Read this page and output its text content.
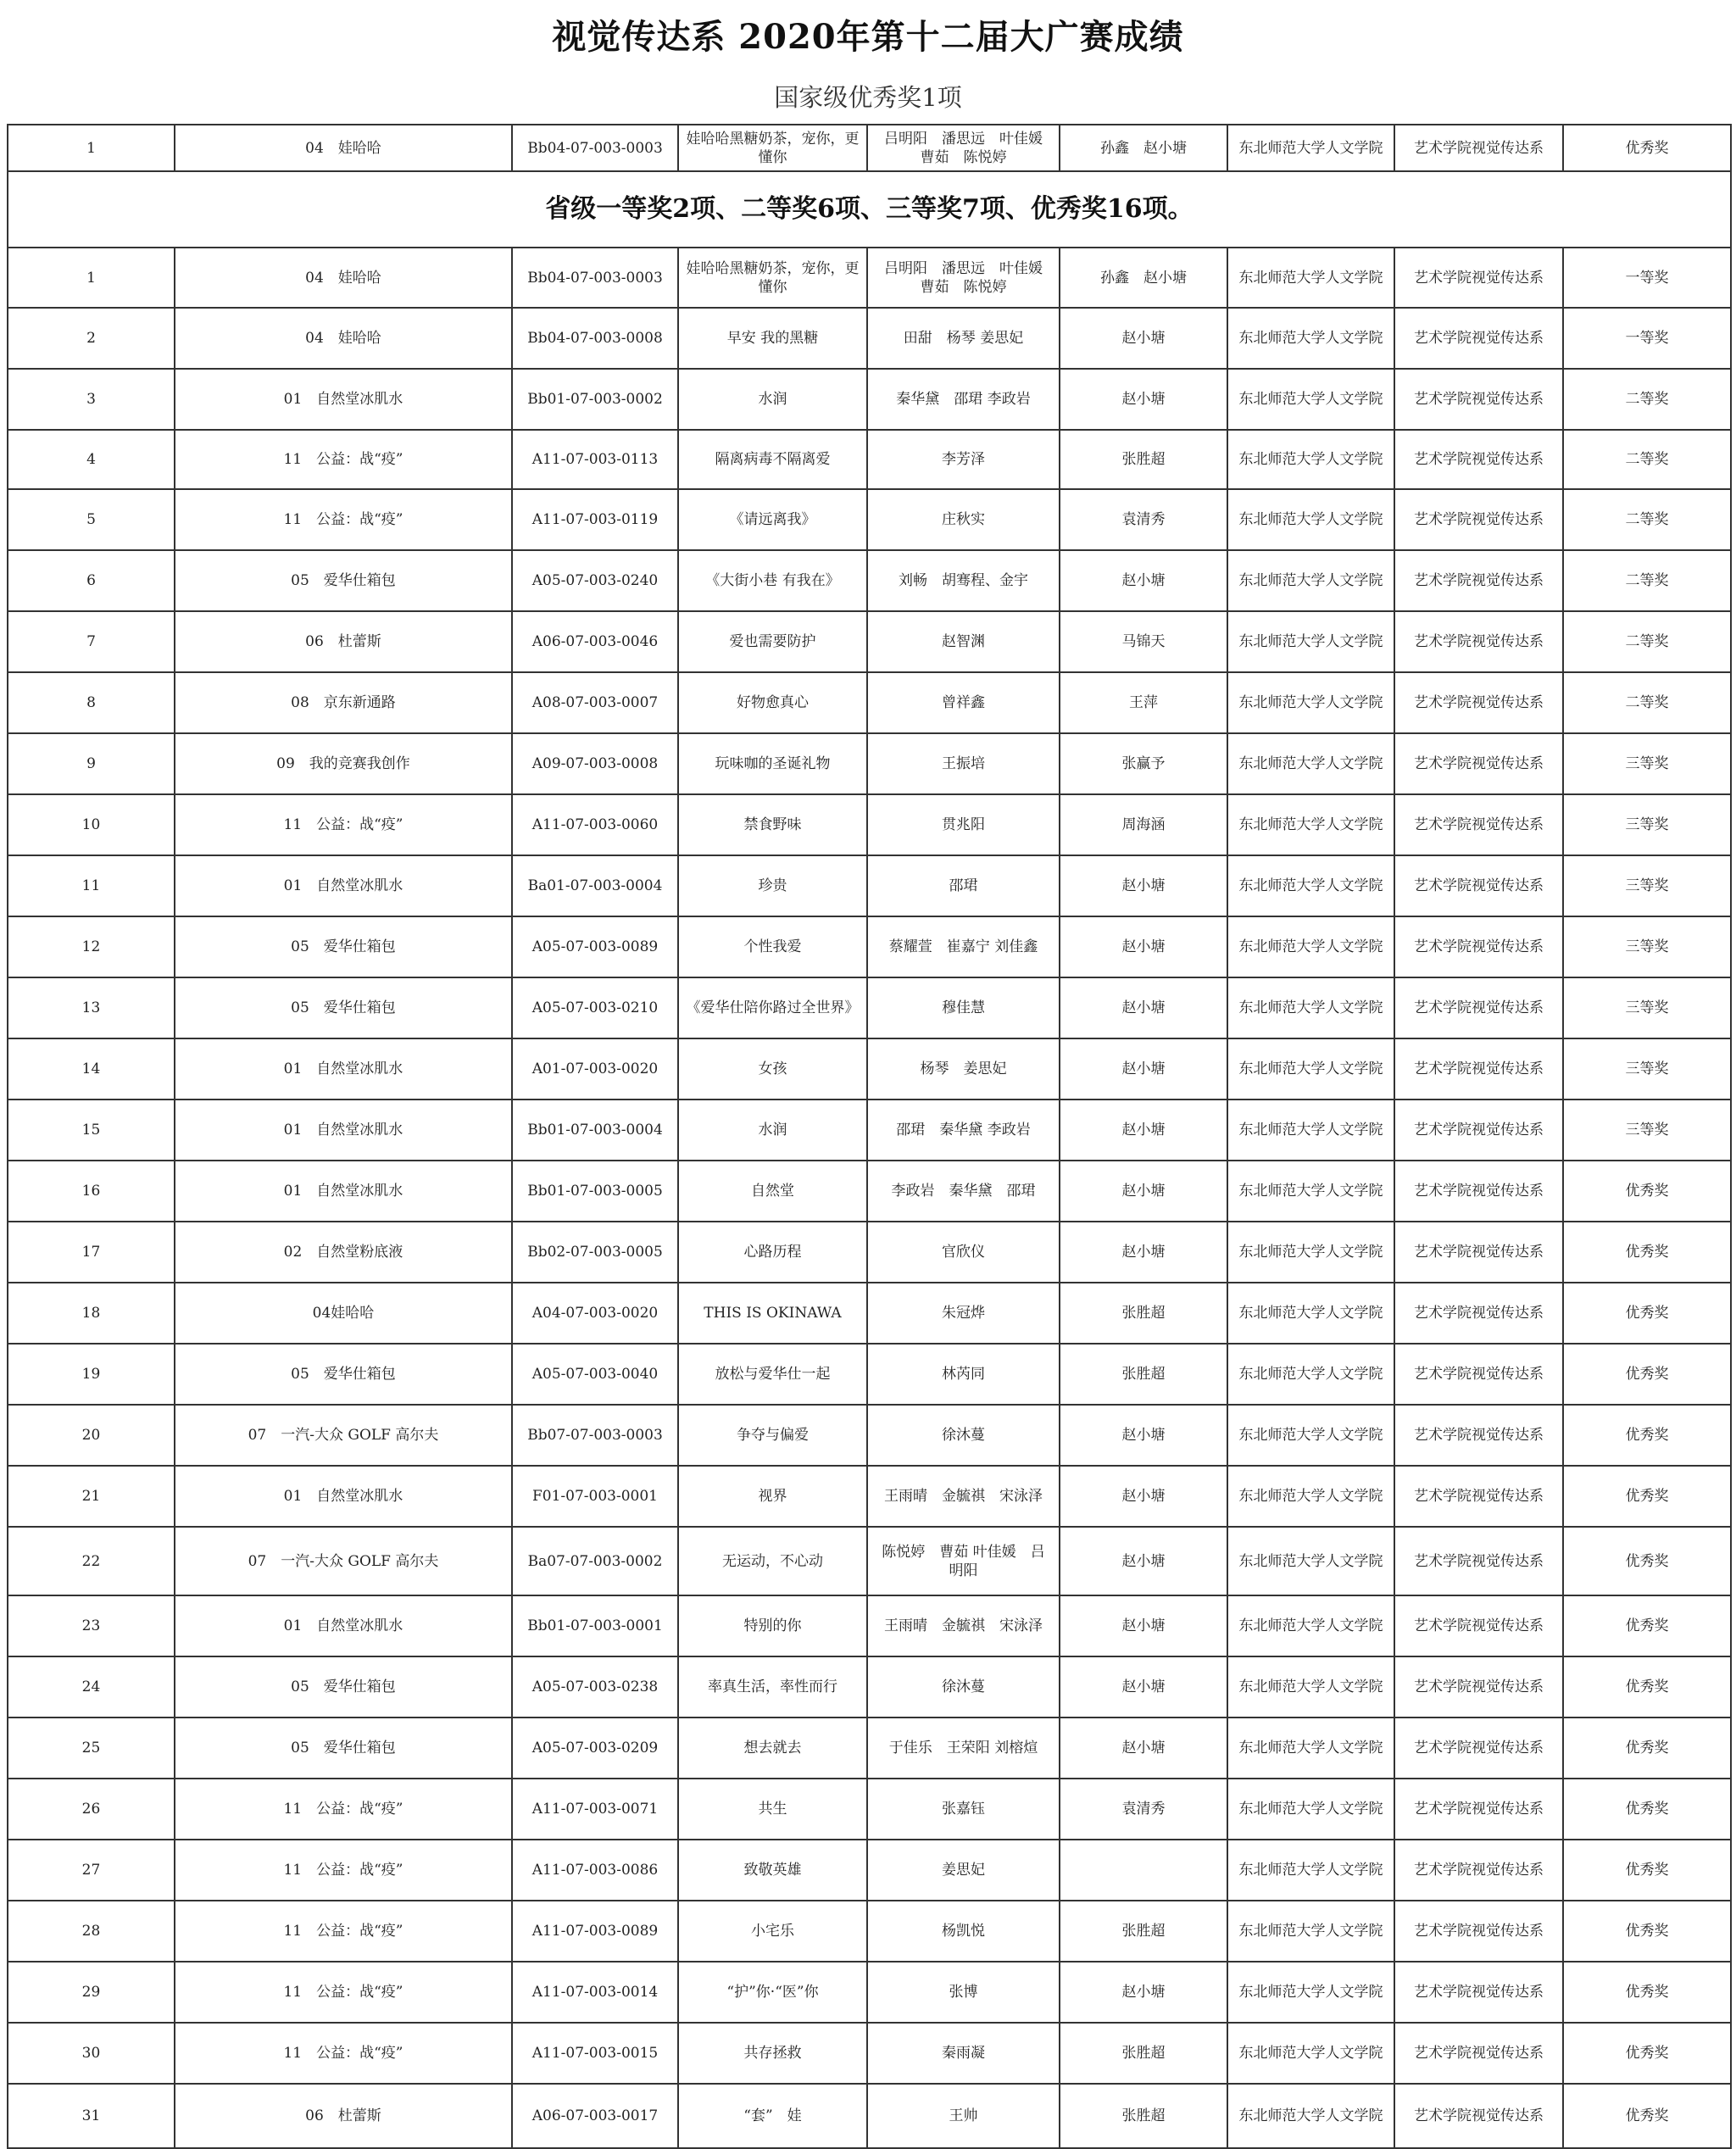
视觉传达系 2020年第十二届大广赛成绩
国家级优秀奖1项
1	04　娃哈哈	Bb04-07-003-0003	娃哈哈黑糖奶茶，宠你，更懂你	吕明阳　潘思远　叶佳媛　曹茹　陈悦婷	孙鑫　赵小塘	东北师范大学人文学院	艺术学院视觉传达系	优秀奖
省级一等奖2项、二等奖6项、三等奖7项、优秀奖16项。								
1	04　娃哈哈	Bb04-07-003-0003	娃哈哈黑糖奶茶，宠你，更懂你	吕明阳　潘思远　叶佳媛　曹茹　陈悦婷	孙鑫　赵小塘	东北师范大学人文学院	艺术学院视觉传达系	一等奖
2	04　娃哈哈	Bb04-07-003-0008	早安 我的黑糖	田甜　杨琴 姜思妃	赵小塘	东北师范大学人文学院	艺术学院视觉传达系	一等奖
3	01　自然堂冰肌水	Bb01-07-003-0002	水润	秦华黛　邵珺 李政岩	赵小塘	东北师范大学人文学院	艺术学院视觉传达系	二等奖
4	11　公益：战“疫”	A11-07-003-0113	隔离病毒不隔离爱	李芳泽	张胜超	东北师范大学人文学院	艺术学院视觉传达系	二等奖
5	11　公益：战“疫”	A11-07-003-0119	《请远离我》	庄秋实	袁清秀	东北师范大学人文学院	艺术学院视觉传达系	二等奖
6	05　爱华仕箱包	A05-07-003-0240	《大街小巷 有我在》	刘畅　胡骞程、金宇	赵小塘	东北师范大学人文学院	艺术学院视觉传达系	二等奖
7	06　杜蕾斯	A06-07-003-0046	爱也需要防护	赵智渊	马锦天	东北师范大学人文学院	艺术学院视觉传达系	二等奖
8	08　京东新通路	A08-07-003-0007	好物愈真心	曾祥鑫	王萍	东北师范大学人文学院	艺术学院视觉传达系	二等奖
9	09　我的竞赛我创作	A09-07-003-0008	玩味咖的圣诞礼物	王振培	张赢予	东北师范大学人文学院	艺术学院视觉传达系	三等奖
10	11　公益：战“疫”	A11-07-003-0060	禁食野味	贯兆阳	周海涵	东北师范大学人文学院	艺术学院视觉传达系	三等奖
11	01　自然堂冰肌水	Ba01-07-003-0004	珍贵	邵珺	赵小塘	东北师范大学人文学院	艺术学院视觉传达系	三等奖
12	05　爱华仕箱包	A05-07-003-0089	个性我爱	蔡耀萱　崔嘉宁 刘佳鑫	赵小塘	东北师范大学人文学院	艺术学院视觉传达系	三等奖
13	05　爱华仕箱包	A05-07-003-0210	《爱华仕陪你路过全世界》	穆佳慧	赵小塘	东北师范大学人文学院	艺术学院视觉传达系	三等奖
14	01　自然堂冰肌水	A01-07-003-0020	女孩	杨琴　姜思妃	赵小塘	东北师范大学人文学院	艺术学院视觉传达系	三等奖
15	01　自然堂冰肌水	Bb01-07-003-0004	水润	邵珺　秦华黛 李政岩	赵小塘	东北师范大学人文学院	艺术学院视觉传达系	三等奖
16	01　自然堂冰肌水	Bb01-07-003-0005	自然堂	李政岩　秦华黛　邵珺	赵小塘	东北师范大学人文学院	艺术学院视觉传达系	优秀奖
17	02　自然堂粉底液	Bb02-07-003-0005	心路历程	官欣仪	赵小塘	东北师范大学人文学院	艺术学院视觉传达系	优秀奖
18	04娃哈哈	A04-07-003-0020	THIS IS OKINAWA	朱冠烨	张胜超	东北师范大学人文学院	艺术学院视觉传达系	优秀奖
19	05　爱华仕箱包	A05-07-003-0040	放松与爱华仕一起	林芮同	张胜超	东北师范大学人文学院	艺术学院视觉传达系	优秀奖
20	07　一汽-大众 GOLF 高尔夫	Bb07-07-003-0003	争夺与偏爱	徐沐蔓	赵小塘	东北师范大学人文学院	艺术学院视觉传达系	优秀奖
21	01　自然堂冰肌水	F01-07-003-0001	视界	王雨晴　金毓祺　宋泳泽	赵小塘	东北师范大学人文学院	艺术学院视觉传达系	优秀奖
22	07　一汽-大众 GOLF 高尔夫	Ba07-07-003-0002	无运动，不心动	陈悦婷　曹茹 叶佳媛　吕明阳	赵小塘	东北师范大学人文学院	艺术学院视觉传达系	优秀奖
23	01　自然堂冰肌水	Bb01-07-003-0001	特别的你	王雨晴　金毓祺　宋泳泽	赵小塘	东北师范大学人文学院	艺术学院视觉传达系	优秀奖
24	05　爱华仕箱包	A05-07-003-0238	率真生活，率性而行	徐沐蔓	赵小塘	东北师范大学人文学院	艺术学院视觉传达系	优秀奖
25	05　爱华仕箱包	A05-07-003-0209	想去就去	于佳乐　王荣阳 刘榕煊	赵小塘	东北师范大学人文学院	艺术学院视觉传达系	优秀奖
26	11　公益：战“疫”	A11-07-003-0071	共生	张嘉钰	袁清秀	东北师范大学人文学院	艺术学院视觉传达系	优秀奖
27	11　公益：战“疫”	A11-07-003-0086	致敬英雄	姜思妃		东北师范大学人文学院	艺术学院视觉传达系	优秀奖
28	11　公益：战“疫”	A11-07-003-0089	小宅乐	杨凯悦	张胜超	东北师范大学人文学院	艺术学院视觉传达系	优秀奖
29	11　公益：战“疫”	A11-07-003-0014	“护”你·“医”你	张博	赵小塘	东北师范大学人文学院	艺术学院视觉传达系	优秀奖
30	11　公益：战“疫”	A11-07-003-0015	共存拯救	秦雨凝	张胜超	东北师范大学人文学院	艺术学院视觉传达系	优秀奖
31	06　杜蕾斯	A06-07-003-0017	“套”　娃	王帅	张胜超	东北师范大学人文学院	艺术学院视觉传达系	优秀奖
